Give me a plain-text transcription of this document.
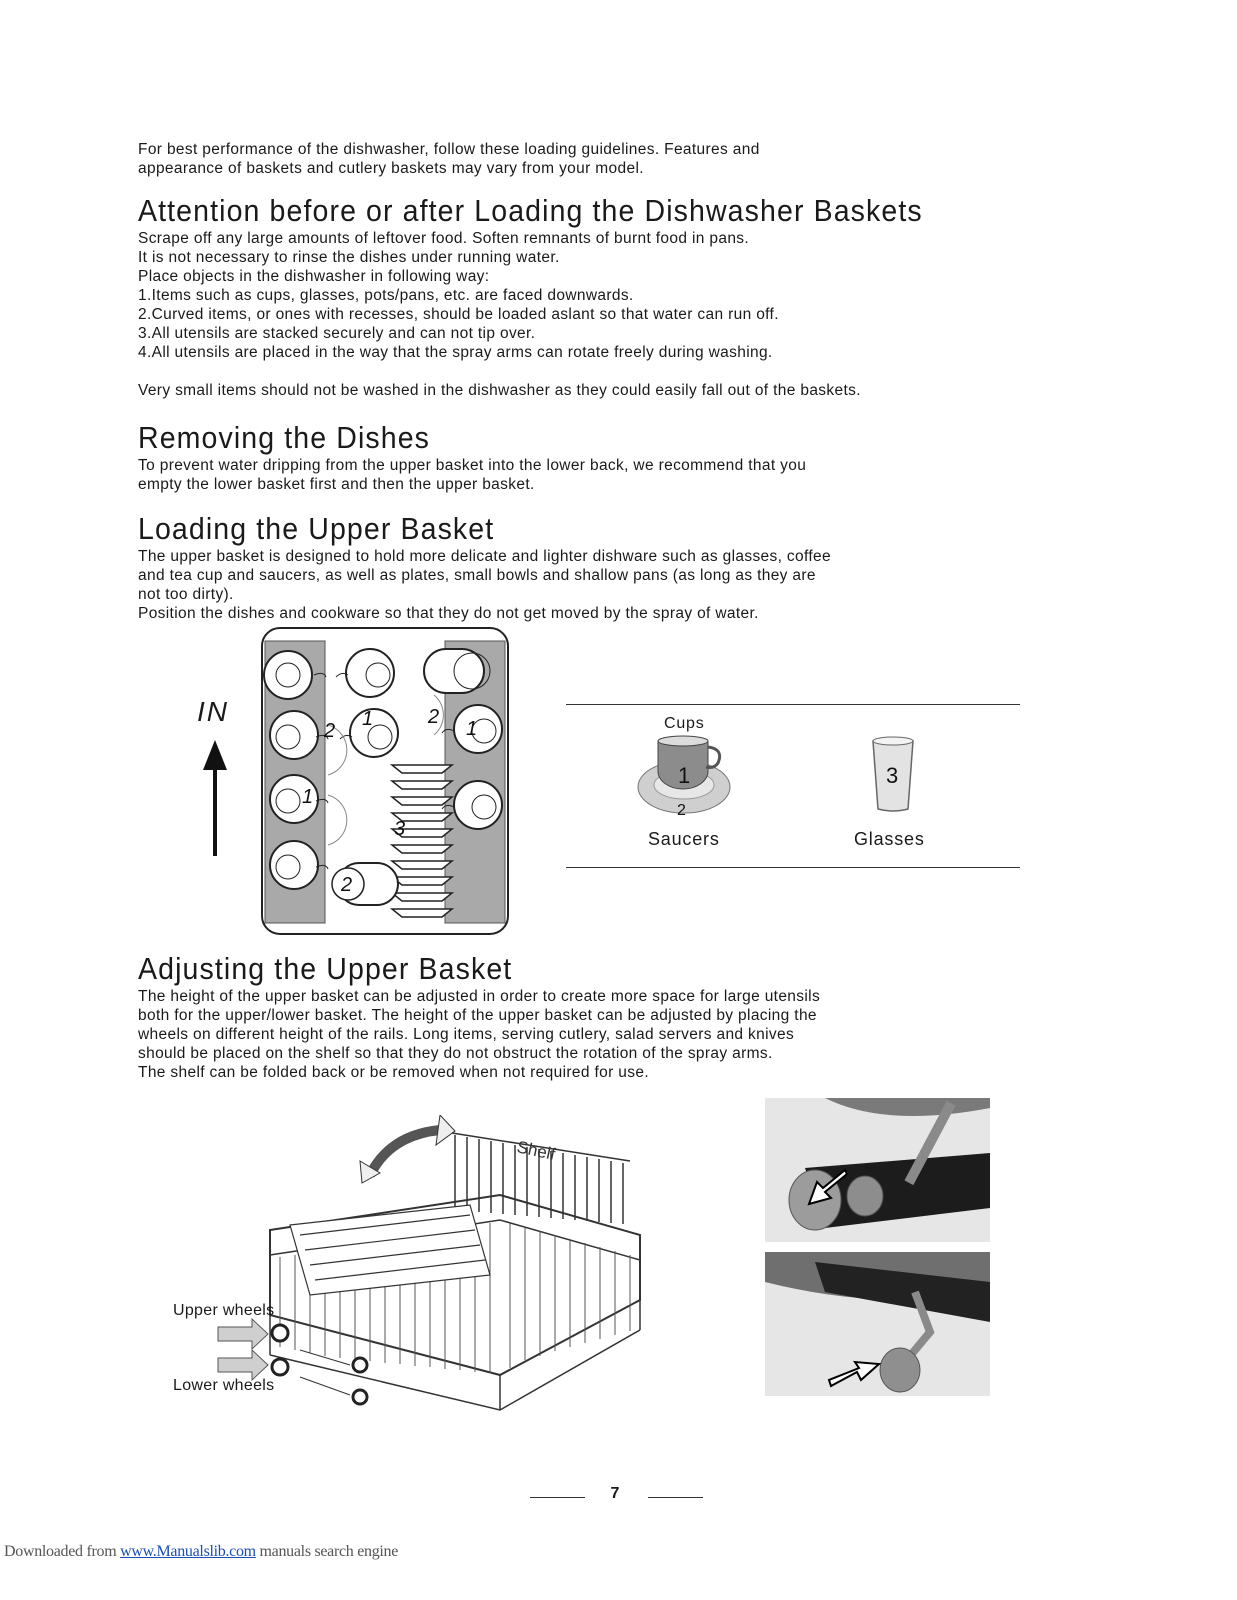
For best performance of the dishwasher, follow these loading guidelines. Features and

appearance of baskets and cutlery baskets may vary from your model.

Attention before or after Loading the Dishwasher Baskets

Scrape off any large amounts of leftover food. Soften remnants of burnt food in pans.

It is not necessary to rinse the dishes under running water.

Place objects in the dishwasher in following way:

1.Items such as cups, glasses, pots/pans, etc. are faced downwards.

2.Curved items, or ones with recesses, should be loaded aslant so that water can run off.

3.All utensils are stacked securely and can not tip over.

4.All utensils are placed in the way that the spray arms can rotate freely during washing.

Very small items should not be washed in the dishwasher as they could easily fall out of the baskets.

Removing the Dishes

To prevent water dripping from the upper basket into the lower back, we recommend that you

empty the lower basket first and then the upper basket.

Loading the Upper Basket

The upper basket is designed to hold more delicate and lighter dishware such as glasses, coffee

and tea cup and saucers, as well as plates, small bowls and shallow pans (as long as they are

not too dirty).

Position the dishes and cookware so that they do not get moved by the spray of water.

IN
2
1	2
1
1
3
2
Cups
1
2
3
Saucers	Glasses
Adjusting the Upper Basket

The height of the upper basket can be adjusted in order to create more space for large utensils

both for the upper/lower basket. The height of the upper basket can be adjusted by placing the

wheels on different height of the rails. Long items, serving cutlery, salad servers and knives

should be placed on the shelf so that they do not obstruct the rotation of the spray arms.

The shelf can be folded back or be removed when not required for use.

Shelf
Upper wheels
Lower wheels
7
Downloaded from www.Manualslib.com manuals search engine
